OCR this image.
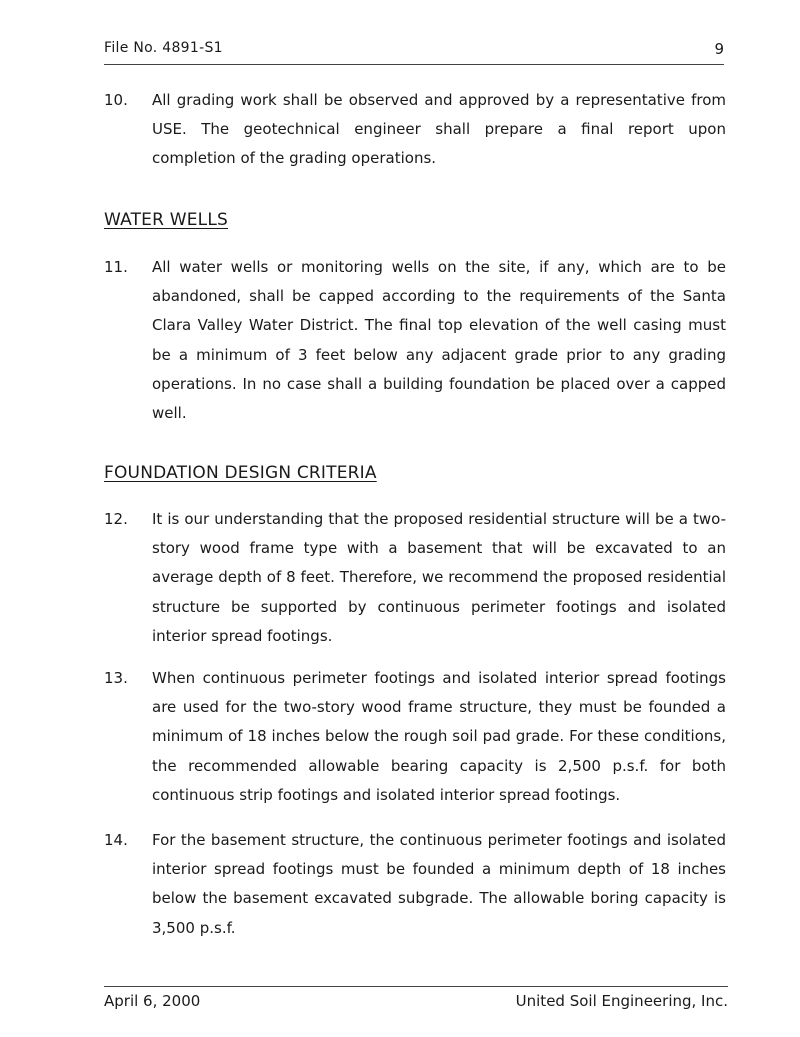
File No. 4891-S1	9
10.	All grading work shall be observed and approved by a representative from USE. The geotechnical engineer shall prepare a final report upon completion of the grading operations.
WATER WELLS
11.	All water wells or monitoring wells on the site, if any, which are to be abandoned, shall be capped according to the requirements of the Santa Clara Valley Water District. The final top elevation of the well casing must be a minimum of 3 feet below any adjacent grade prior to any grading operations. In no case shall a building foundation be placed over a capped well.
FOUNDATION DESIGN CRITERIA
12.	It is our understanding that the proposed residential structure will be a two-story wood frame type with a basement that will be excavated to an average depth of 8 feet. Therefore, we recommend the proposed residential structure be supported by continuous perimeter footings and isolated interior spread footings.
13.	When continuous perimeter footings and isolated interior spread footings are used for the two-story wood frame structure, they must be founded a minimum of 18 inches below the rough soil pad grade. For these conditions, the recommended allowable bearing capacity is 2,500 p.s.f. for both continuous strip footings and isolated interior spread footings.
14.	For the basement structure, the continuous perimeter footings and isolated interior spread footings must be founded a minimum depth of 18 inches below the basement excavated subgrade. The allowable boring capacity is 3,500 p.s.f.
April 6, 2000	United Soil Engineering, Inc.
